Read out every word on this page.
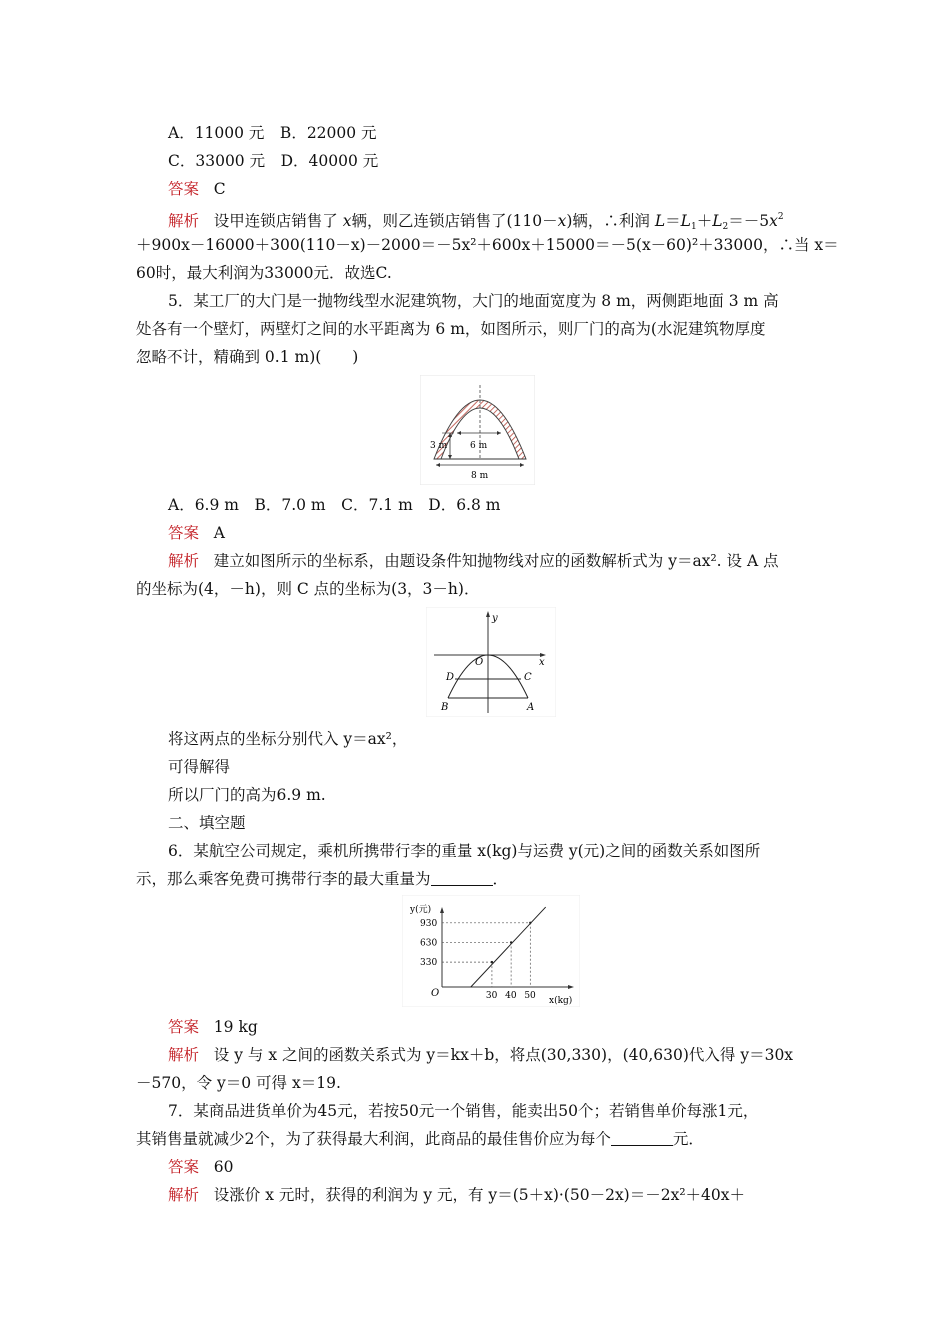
A．11000 元　B．22000 元
C．33000 元　D．40000 元
答案 C
解析 设甲连锁店销售了 x辆，则乙连锁店销售了(110－x)辆，∴利润 $L=L_1+L_2=-5x^2$
＋900x－16000＋300(110－x)－2000＝－5x²＋600x＋15000＝－5(x－60)²＋33000，∴当 x＝
60时，最大利润为33000元．故选C.
5．某工厂的大门是一抛物线型水泥建筑物，大门的地面宽度为 8 m，两侧距地面 3 m 高
处各有一个壁灯，两壁灯之间的水平距离为 6 m，如图所示，则厂门的高为(水泥建筑物厚度
忽略不计，精确到 0.1 m)(　　)
3 m	6 m
8 m
A．6.9 m　B．7.0 m　C．7.1 m　D．6.8 m
答案 A
解析 建立如图所示的坐标系，由题设条件知抛物线对应的函数解析式为 y＝ax². 设 A 点
的坐标为(4，－h)，则 C 点的坐标为(3，3－h)．
y
x
O
D	C
B	A
将这两点的坐标分别代入 y＝ax²，
可得解得
所以厂门的高为6.9 m.
二、填空题
6．某航空公司规定，乘机所携带行李的重量 x(kg)与运费 y(元)之间的函数关系如图所
示，那么乘客免费可携带行李的最大重量为	．
y(元)
x(kg)
O
330
630
930
30 40 50
答案 19 kg
解析 设 y 与 x 之间的函数关系式为 y＝kx＋b，将点(30,330)，(40,630)代入得 y＝30x
－570，令 y＝0 可得 x＝19.
7．某商品进货单价为45元，若按50元一个销售，能卖出50个；若销售单价每涨1元，
其销售量就减少2个，为了获得最大利润，此商品的最佳售价应为每个	元．
答案 60
解析 设涨价 x 元时，获得的利润为 y 元，有 y＝(5＋x)·(50－2x)＝－2x²＋40x＋
